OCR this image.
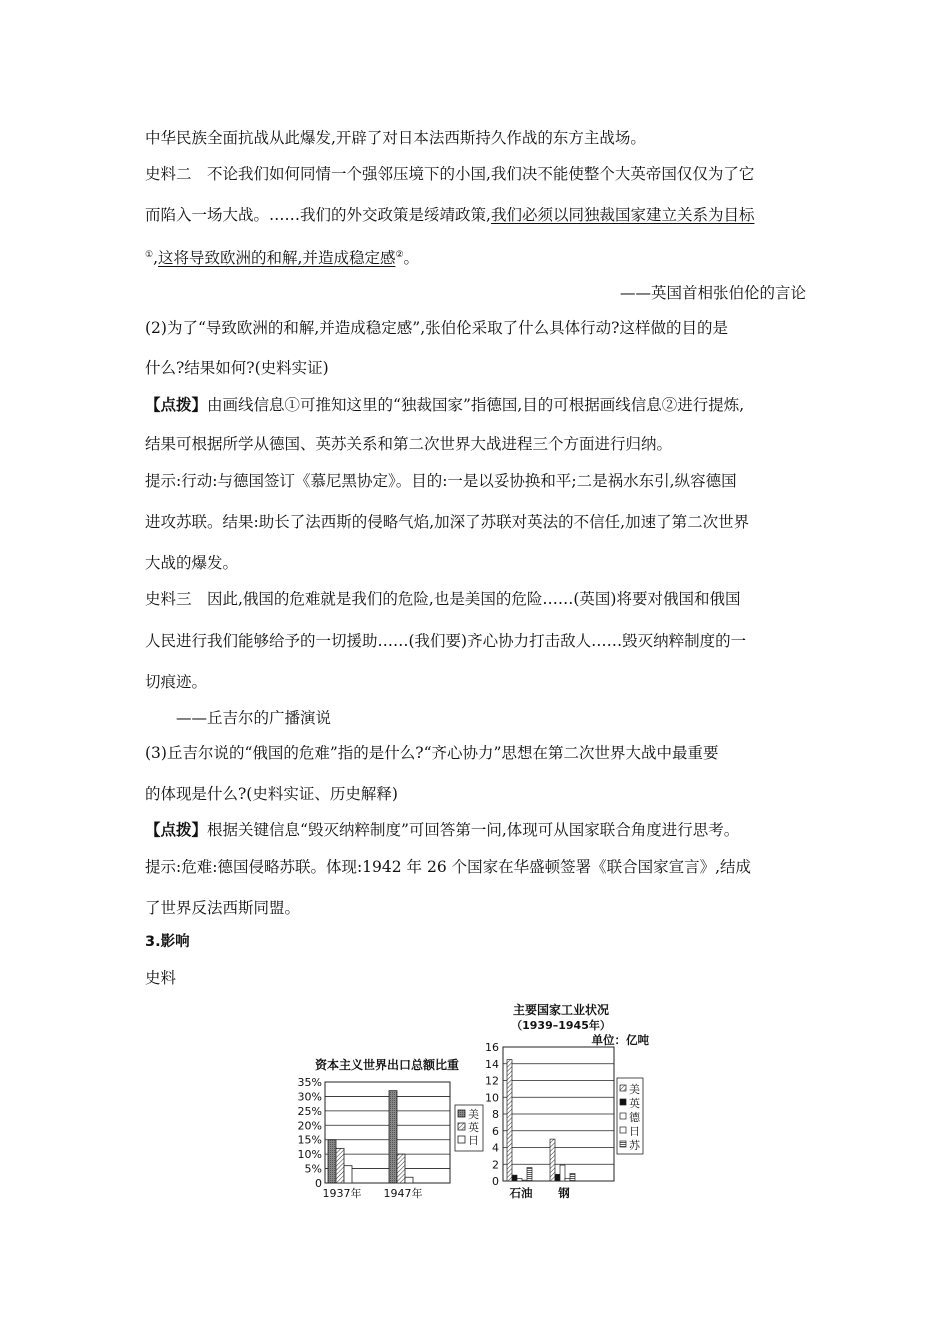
中华民族全面抗战从此爆发,开辟了对日本法西斯持久作战的东方主战场。
史料二　不论我们如何同情一个强邻压境下的小国,我们决不能使整个大英帝国仅仅为了它
而陷入一场大战。……我们的外交政策是绥靖政策,我们必须以同独裁国家建立关系为目标
①,这将导致欧洲的和解,并造成稳定感②。
——英国首相张伯伦的言论
(2)为了“导致欧洲的和解,并造成稳定感”,张伯伦采取了什么具体行动?这样做的目的是
什么?结果如何?(史料实证)
【点拨】由画线信息①可推知这里的“独裁国家”指德国,目的可根据画线信息②进行提炼,
结果可根据所学从德国、英苏关系和第二次世界大战进程三个方面进行归纳。
提示:行动:与德国签订《慕尼黑协定》。目的:一是以妥协换和平;二是祸水东引,纵容德国
进攻苏联。结果:助长了法西斯的侵略气焰,加深了苏联对英法的不信任,加速了第二次世界
大战的爆发。
史料三　因此,俄国的危难就是我们的危险,也是美国的危险……(英国)将要对俄国和俄国
人民进行我们能够给予的一切援助……(我们要)齐心协力打击敌人……毁灭纳粹制度的一
切痕迹。
——丘吉尔的广播演说
(3)丘吉尔说的“俄国的危难”指的是什么?“齐心协力”思想在第二次世界大战中最重要
的体现是什么?(史料实证、历史解释)
【点拨】根据关键信息“毁灭纳粹制度”可回答第一问,体现可从国家联合角度进行思考。
提示:危难:德国侵略苏联。体现:1942 年 26 个国家在华盛顿签署《联合国家宣言》,结成
了世界反法西斯同盟。
3.影响
史料
资本主义世界出口总额比重
0
5%
10%
15%
20%
25%
30%
35%
1937年 1947年
美
英
日
主要国家工业状况
（1939–1945年）
单位：亿吨
0
2
4
6
8
10
12
14
16
石油 钢
美
英
德
日
苏
